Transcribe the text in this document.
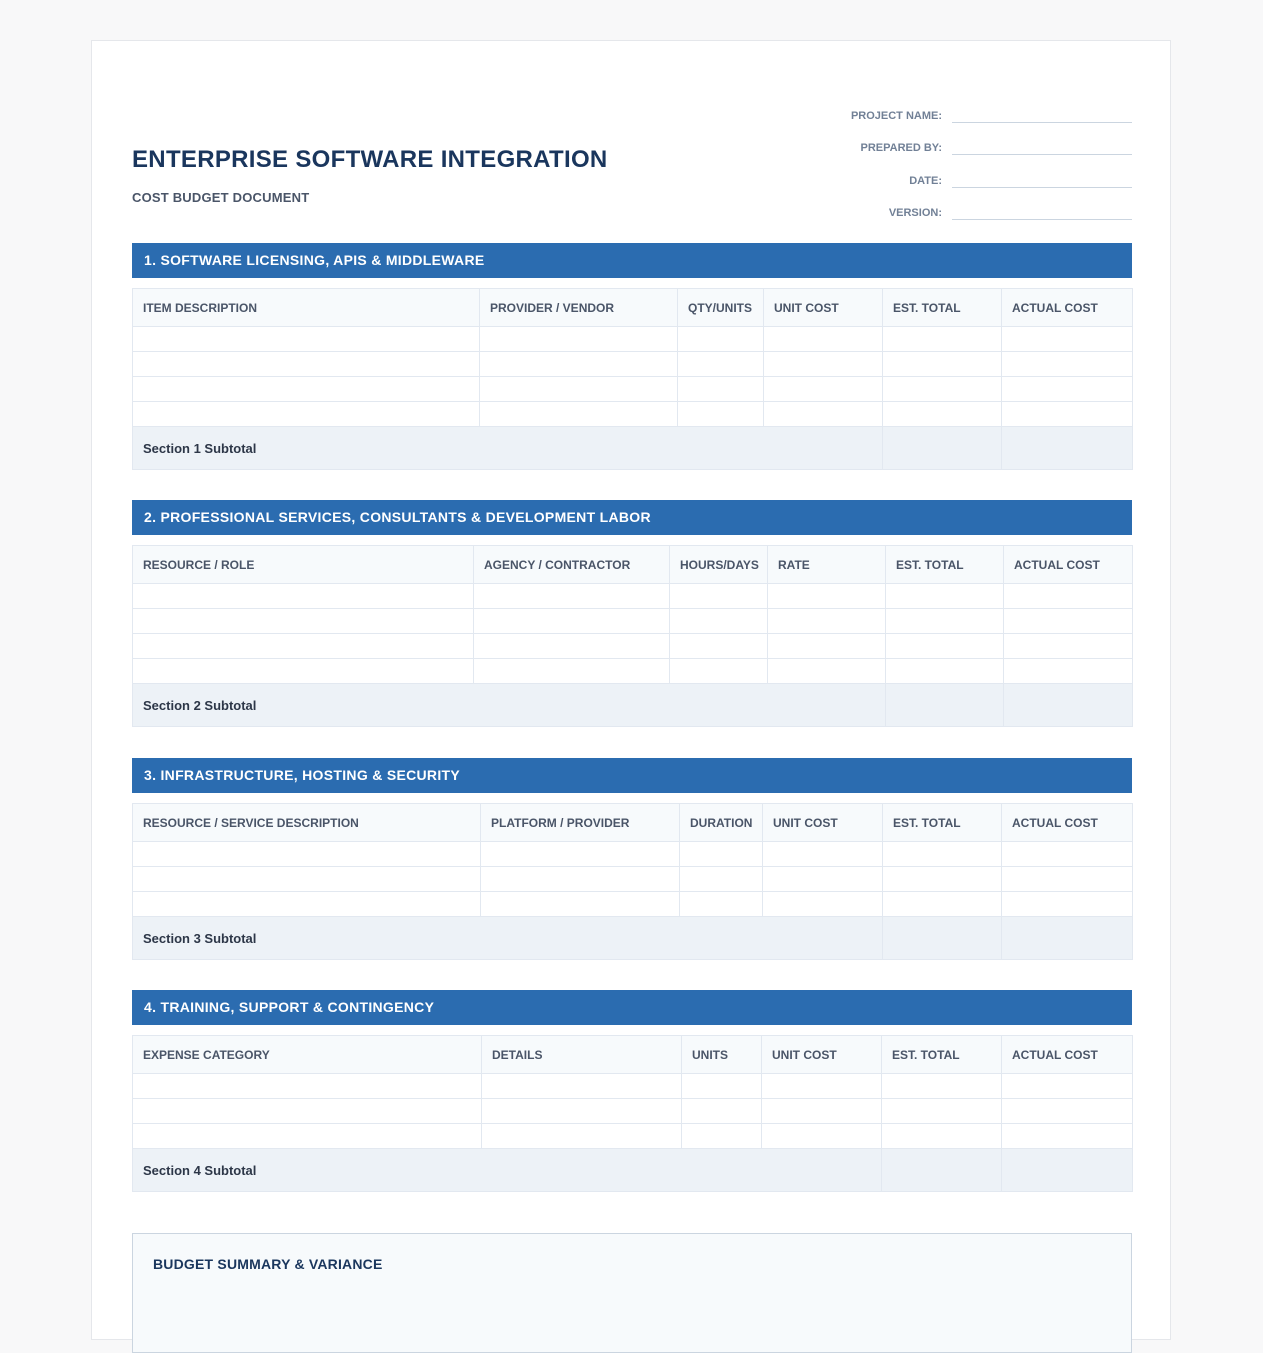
ENTERPRISE SOFTWARE INTEGRATION
COST BUDGET DOCUMENT
PROJECT NAME:
PREPARED BY:
DATE:
VERSION:
1. SOFTWARE LICENSING, APIS & MIDDLEWARE
ITEM DESCRIPTION	PROVIDER / VENDOR	QTY/UNITS	UNIT COST	EST. TOTAL	ACTUAL COST

Section 1 Subtotal					
2. PROFESSIONAL SERVICES, CONSULTANTS & DEVELOPMENT LABOR
RESOURCE / ROLE	AGENCY / CONTRACTOR	HOURS/DAYS	RATE	EST. TOTAL	ACTUAL COST

Section 2 Subtotal					
3. INFRASTRUCTURE, HOSTING & SECURITY
RESOURCE / SERVICE DESCRIPTION	PLATFORM / PROVIDER	DURATION	UNIT COST	EST. TOTAL	ACTUAL COST

Section 3 Subtotal					
4. TRAINING, SUPPORT & CONTINGENCY
EXPENSE CATEGORY	DETAILS	UNITS	UNIT COST	EST. TOTAL	ACTUAL COST

Section 4 Subtotal					
BUDGET SUMMARY & VARIANCE
